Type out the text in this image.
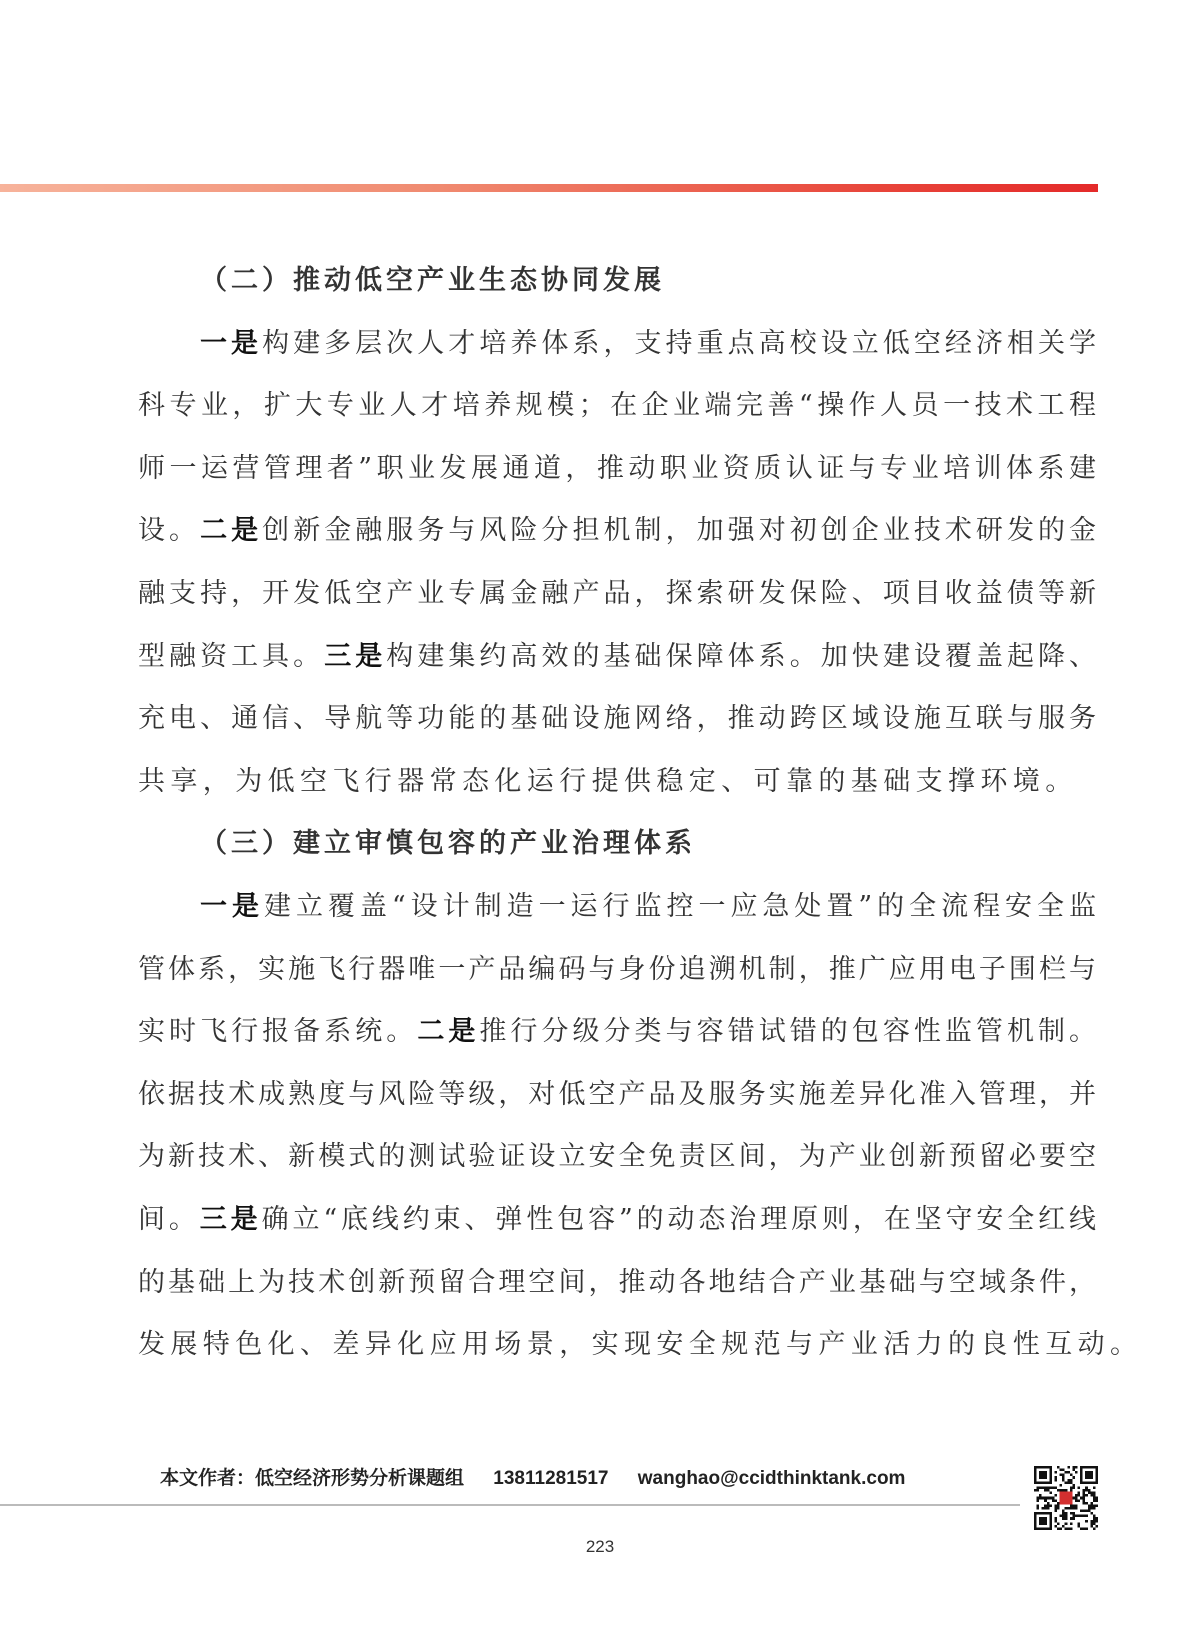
（二）推动低空产业生态协同发展
一是构建多层次人才培养体系，支持重点高校设立低空经济相关学
科专业，扩大专业人才培养规模；在企业端完善“操作人员一技术工程
师一运营管理者”职业发展通道，推动职业资质认证与专业培训体系建
设。二是创新金融服务与风险分担机制，加强对初创企业技术研发的金
融支持，开发低空产业专属金融产品，探索研发保险、项目收益债等新
型融资工具。三是构建集约高效的基础保障体系。加快建设覆盖起降、
充电、通信、导航等功能的基础设施网络，推动跨区域设施互联与服务
共享，为低空飞行器常态化运行提供稳定、可靠的基础支撑环境。
（三）建立审慎包容的产业治理体系
一是建立覆盖“设计制造一运行监控一应急处置”的全流程安全监
管体系，实施飞行器唯一产品编码与身份追溯机制，推广应用电子围栏与
实时飞行报备系统。二是推行分级分类与容错试错的包容性监管机制。
依据技术成熟度与风险等级，对低空产品及服务实施差异化准入管理，并
为新技术、新模式的测试验证设立安全免责区间，为产业创新预留必要空
间。三是确立“底线约束、弹性包容”的动态治理原则，在坚守安全红线
的基础上为技术创新预留合理空间，推动各地结合产业基础与空域条件，
发展特色化、差异化应用场景，实现安全规范与产业活力的良性互动。
本文作者：低空经济形势分析课题组 13811281517 wanghao@ccidthinktank.com
223
